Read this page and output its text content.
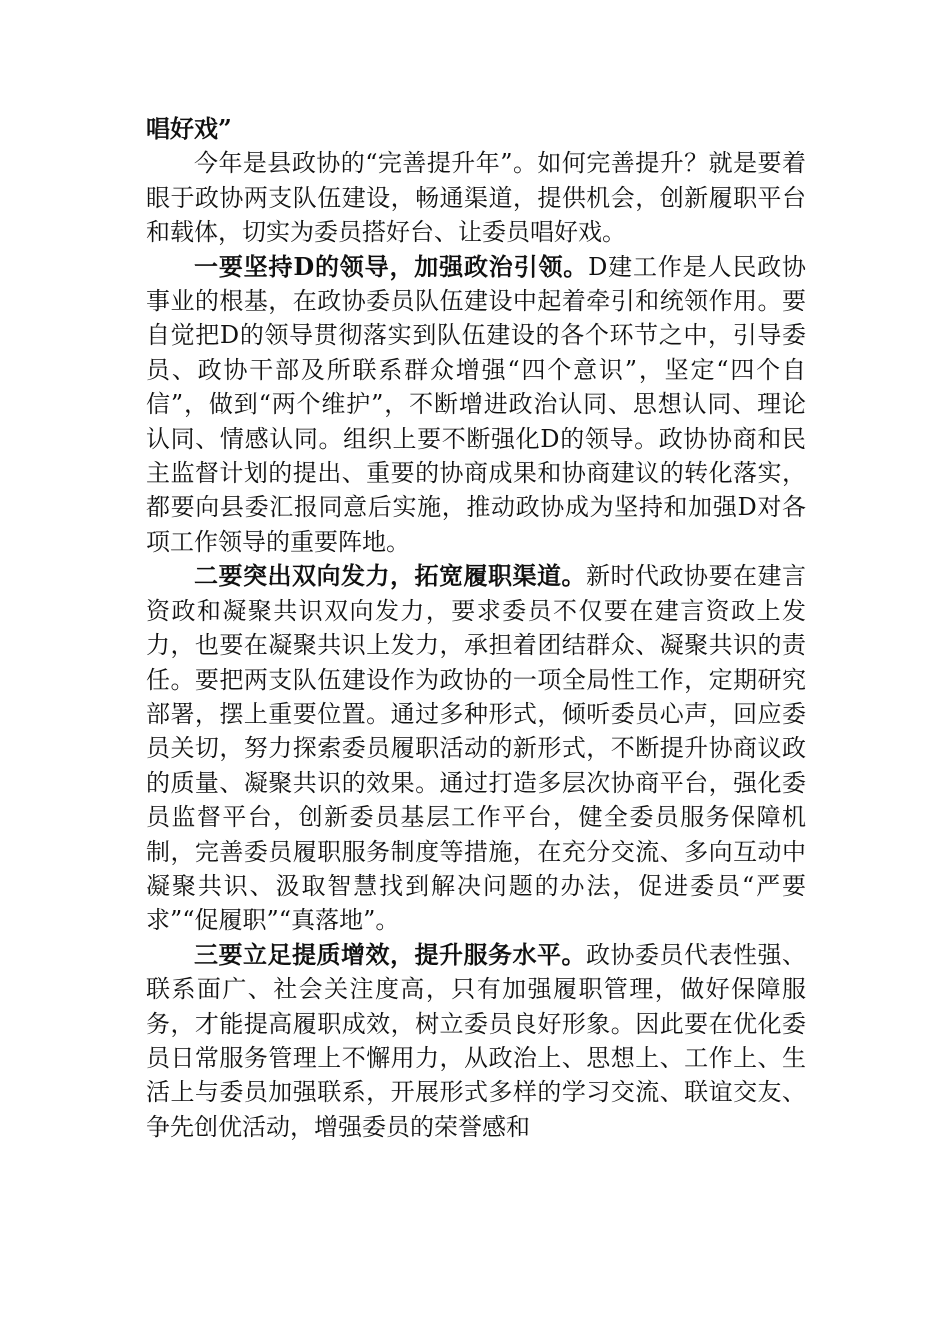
唱好戏”

今年是县政协的“完善提升年”。如何完善提升？就是要着眼于政协两支队伍建设，畅通渠道，提供机会，创新履职平台和载体，切实为委员搭好台、让委员唱好戏。

一要坚持D的领导，加强政治引领。D建工作是人民政协事业的根基，在政协委员队伍建设中起着牵引和统领作用。要自觉把D的领导贯彻落实到队伍建设的各个环节之中，引导委员、政协干部及所联系群众增强“四个意识”，坚定“四个自信”，做到“两个维护”，不断增进政治认同、思想认同、理论认同、情感认同。组织上要不断强化D的领导。政协协商和民主监督计划的提出、重要的协商成果和协商建议的转化落实，都要向县委汇报同意后实施，推动政协成为坚持和加强D对各项工作领导的重要阵地。

二要突出双向发力，拓宽履职渠道。新时代政协要在建言资政和凝聚共识双向发力，要求委员不仅要在建言资政上发力，也要在凝聚共识上发力，承担着团结群众、凝聚共识的责任。要把两支队伍建设作为政协的一项全局性工作，定期研究部署，摆上重要位置。通过多种形式，倾听委员心声，回应委员关切，努力探索委员履职活动的新形式，不断提升协商议政的质量、凝聚共识的效果。通过打造多层次协商平台，强化委员监督平台，创新委员基层工作平台，健全委员服务保障机制，完善委员履职服务制度等措施，在充分交流、多向互动中凝聚共识、汲取智慧找到解决问题的办法，促进委员“严要求”“促履职”“真落地”。

三要立足提质增效，提升服务水平。政协委员代表性强、联系面广、社会关注度高，只有加强履职管理，做好保障服务，才能提高履职成效，树立委员良好形象。因此要在优化委员日常服务管理上不懈用力，从政治上、思想上、工作上、生活上与委员加强联系，开展形式多样的学习交流、联谊交友、争先创优活动，增强委员的荣誉感和
